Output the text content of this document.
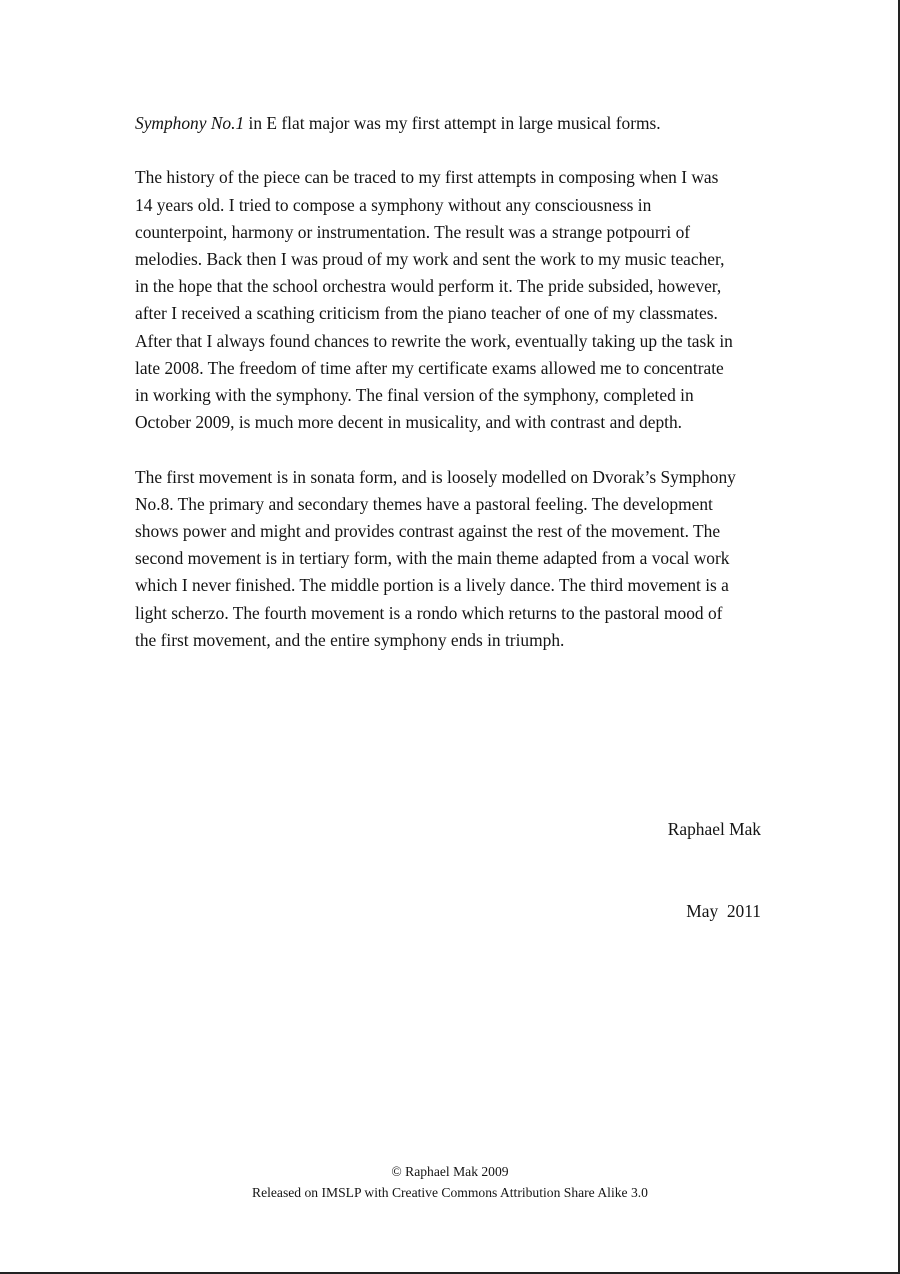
Symphony No.1 in E flat major was my first attempt in large musical forms.

The history of the piece can be traced to my first attempts in composing when I was
14 years old. I tried to compose a symphony without any consciousness in
counterpoint, harmony or instrumentation. The result was a strange potpourri of
melodies. Back then I was proud of my work and sent the work to my music teacher,
in the hope that the school orchestra would perform it. The pride subsided, however,
after I received a scathing criticism from the piano teacher of one of my classmates.
After that I always found chances to rewrite the work, eventually taking up the task in
late 2008. The freedom of time after my certificate exams allowed me to concentrate
in working with the symphony. The final version of the symphony, completed in
October 2009, is much more decent in musicality, and with contrast and depth.

The first movement is in sonata form, and is loosely modelled on Dvorak’s Symphony
No.8. The primary and secondary themes have a pastoral feeling. The development
shows power and might and provides contrast against the rest of the movement. The
second movement is in tertiary form, with the main theme adapted from a vocal work
which I never finished. The middle portion is a lively dance. The third movement is a
light scherzo. The fourth movement is a rondo which returns to the pastoral mood of
the first movement, and the entire symphony ends in triumph.

Raphael Mak

May  2011

© Raphael Mak 2009
Released on IMSLP with Creative Commons Attribution Share Alike 3.0
